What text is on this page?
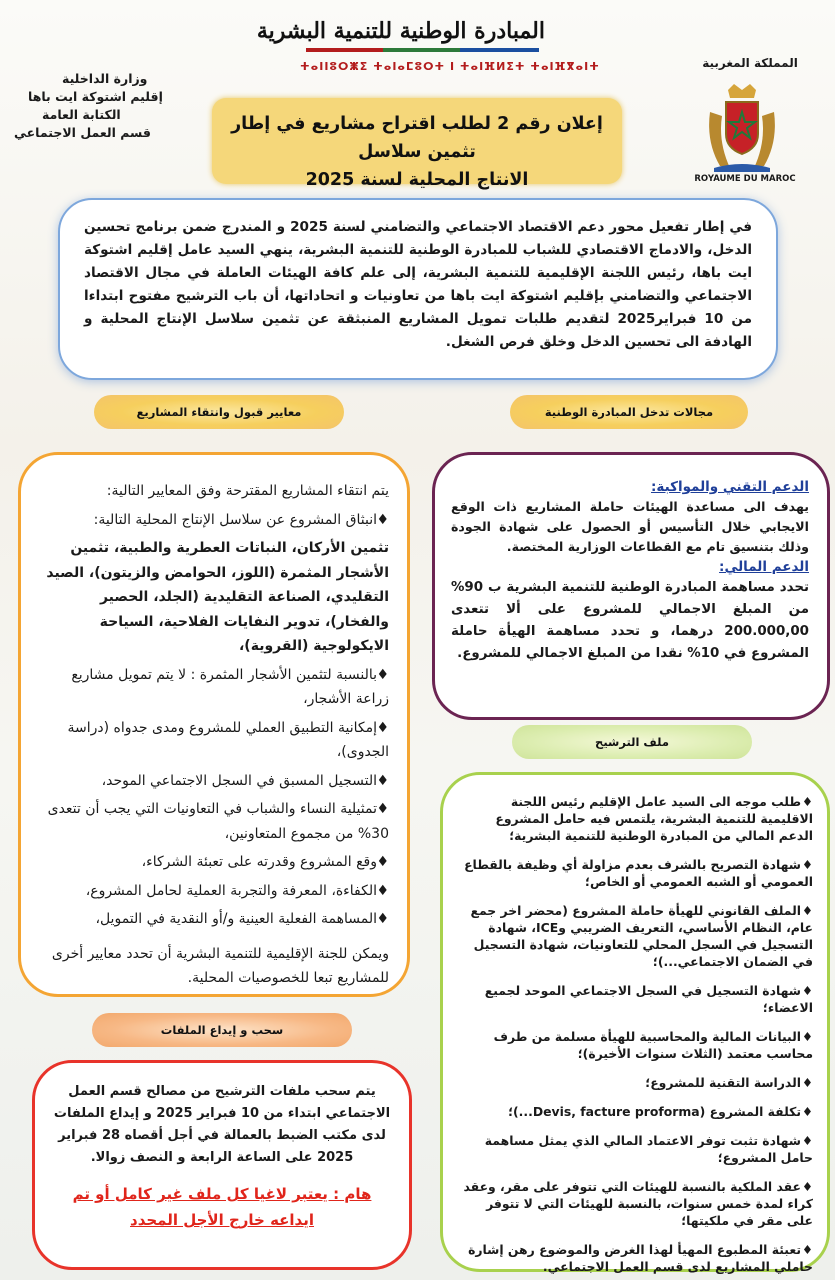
وزارة الداخلية
إقليم اشتوكة ايت باها
الكتابة العامة
قسم العمل الاجتماعي
المبادرة الوطنية للتنمية البشرية
ⵜⴰⵏⵏⵓⵔⵥⵉ ⵜⴰⵏⴰⵎⵓⵔⵜ ⵏ ⵜⴰⵏⴼⵍⵉⵜ ⵜⴰⵏⴼⴳⴰⵏⵜ	المملكة المغربية
ROYAUME DU MAROC
إعلان رقم 2 لطلب اقتراح مشاريع في إطار تثمين سلاسل
الانتاج المحلية لسنة 2025

في إطار تفعيل محور دعم الاقتصاد الاجتماعي والتضامني لسنة 2025 و المندرج ضمن برنامج تحسين الدخل، والادماج الاقتصادي للشباب للمبادرة الوطنية للتنمية البشرية، ينهي السيد عامل إقليم اشتوكة ايت باها، رئيس اللجنة الإقليمية للتنمية البشرية، إلى علم كافة الهيئات العاملة في مجال الاقتصاد الاجتماعي والتضامني بإقليم اشتوكة ايت باها من تعاونيات و اتحاداتها، أن باب الترشيح مفتوح ابتداءا من 10 فبراير2025 لتقديم طلبات تمويل المشاريع المنبثقة عن تثمين سلاسل الإنتاج المحلية و الهادفة الى تحسين الدخل وخلق فرص الشغل.

معايير قبول وانتقاء المشاريع	مجالات تدخل المبادرة الوطنية
الدعم التقني والمواكبة:
يهدف الى مساعدة الهيئات حاملة المشاريع ذات الوقع الايجابي خلال التأسيس أو الحصول على شهادة الجودة وذلك بتنسيق تام مع القطاعات الوزارية المختصة.
الدعم المالي:
تحدد مساهمة المبادرة الوطنية للتنمية البشرية ب 90% من المبلغ الاجمالي للمشروع على ألا تتعدى 200.000,00 درهما، و تحدد مساهمة الهيأة حاملة المشروع في 10% نقدا من المبلغ الاجمالي للمشروع.
يتم انتقاء المشاريع المقترحة وفق المعايير التالية:
♦انبثاق المشروع عن سلاسل الإنتاج المحلية التالية:
تثمين الأركان، النباتات العطرية والطبية، تثمين الأشجار المثمرة (اللوز، الحوامض والزيتون)، الصيد التقليدي، الصناعة التقليدية (الجلد، الحصير والفخار)، تدوير النفايات الفلاحية، السياحة الايكولوجية (القروية)،
♦بالنسبة لتثمين الأشجار المثمرة : لا يتم تمويل مشاريع زراعة الأشجار،
♦إمكانية التطبيق العملي للمشروع ومدى جدواه (دراسة الجدوى)،
♦التسجيل المسبق في السجل الاجتماعي الموحد،
♦تمثيلية النساء والشباب في التعاونيات التي يجب أن تتعدى 30% من مجموع المتعاونين،
♦وقع المشروع وقدرته على تعبئة الشركاء،
♦الكفاءة، المعرفة والتجربة العملية لحامل المشروع،
♦المساهمة الفعلية العينية و/أو النقدية في التمويل،
ويمكن للجنة الإقليمية للتنمية البشرية أن تحدد معايير أخرى للمشاريع تبعا للخصوصيات المحلية.
ملف الترشيح
♦طلب موجه الى السيد عامل الإقليم رئيس اللجنة الاقليمية للتنمية البشرية، يلتمس فيه حامل المشروع الدعم المالي من المبادرة الوطنية للتنمية البشرية؛
♦شهادة التصريح بالشرف بعدم مزاولة أي وظيفة بالقطاع العمومي أو الشبه العمومي أو الخاص؛
♦الملف القانوني للهيأة حاملة المشروع (محضر اخر جمع عام، النظام الأساسي، التعريف الضريبي وICE، شهادة التسجيل في السجل المحلي للتعاونيات، شهادة التسجيل في الضمان الاجتماعي...)؛
♦شهادة التسجيل في السجل الاجتماعي الموحد لجميع الاعضاء؛
♦البيانات المالية والمحاسبية للهيأة مسلمة من طرف محاسب معتمد (الثلاث سنوات الأخيرة)؛
♦الدراسة التقنية للمشروع؛
♦تكلفة المشروع (Devis, facture proforma...)؛
♦شهادة تثبت توفر الاعتماد المالي الذي يمثل مساهمة حامل المشروع؛
♦عقد الملكية بالنسبة للهيئات التي تتوفر على مقر، وعقد كراء لمدة خمس سنوات، بالنسبة للهيئات التي لا تتوفر على مقر في ملكيتها؛
♦تعبئة المطبوع المهيأ لهذا الغرض والموضوع رهن إشارة حاملي المشاريع لدى قسم العمل الاجتماعي.
سحب و إيداع الملفات
يتم سحب ملفات الترشيح من مصالح قسم العمل الاجتماعي ابتداء من 10 فبراير 2025 و إيداع الملفات لدى مكتب الضبط بالعمالة في أجل أقصاه 28 فبراير 2025 على الساعة الرابعة و النصف زوالا.
هام : يعتبر لاغيا كل ملف غير كامل أو تم ايداعه خارج الأجل المحدد
